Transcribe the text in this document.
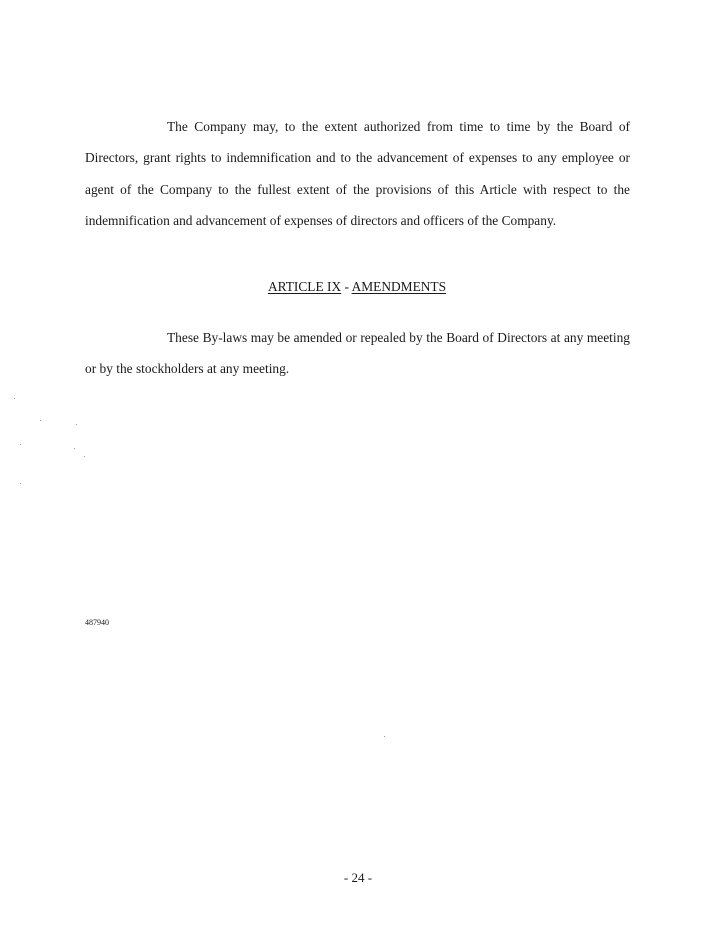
The Company may, to the extent authorized from time to time by the Board of Directors, grant rights to indemnification and to the advancement of expenses to any employee or agent of the Company to the fullest extent of the provisions of this Article with respect to the indemnification and advancement of expenses of directors and officers of the Company.

ARTICLE IX - AMENDMENTS

These By-laws may be amended or repealed by the Board of Directors at any meeting or by the stockholders at any meeting.

487940

- 24 -
